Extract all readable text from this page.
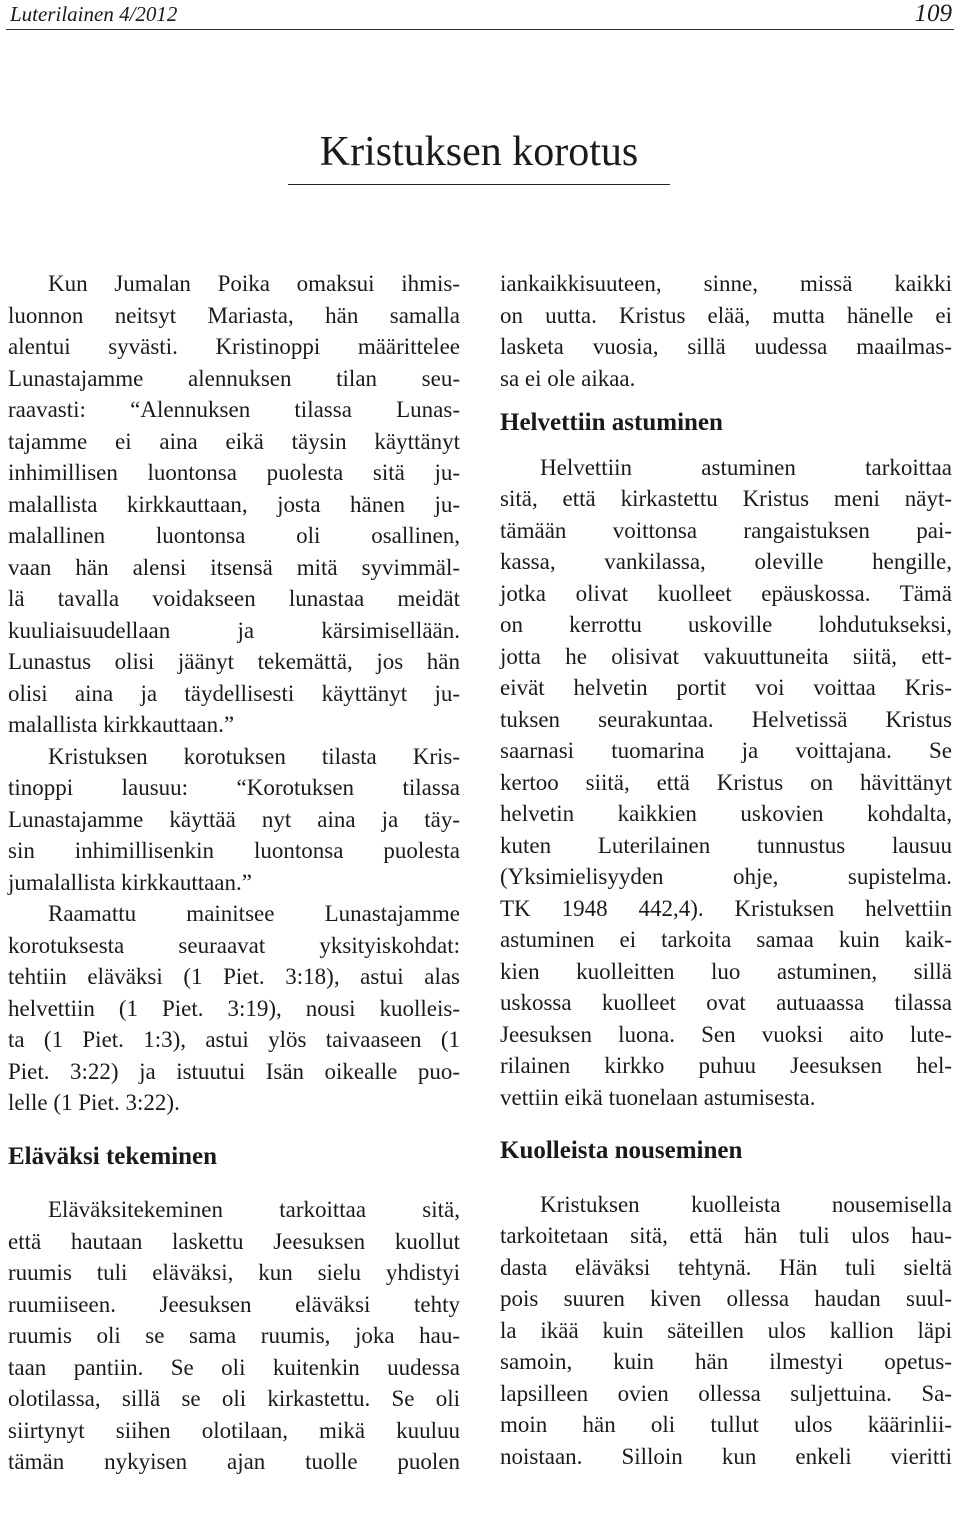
Luterilainen 4/2012	109
Kristuksen korotus
Kun Jumalan Poika omaksui ihmis-
luonnon neitsyt Mariasta, hän samalla
alentui syvästi. Kristinoppi määrittelee
Lunastajamme alennuksen tilan seu-
raavasti: “Alennuksen tilassa Lunas-
tajamme ei aina eikä täysin käyttänyt
inhimillisen luontonsa puolesta sitä ju-
malallista kirkkauttaan, josta hänen ju-
malallinen luontonsa oli osallinen,
vaan hän alensi itsensä mitä syvimmäl-
lä tavalla voidakseen lunastaa meidät
kuuliaisuudellaan ja kärsimisellään.
Lunastus olisi jäänyt tekemättä, jos hän
olisi aina ja täydellisesti käyttänyt ju-
malallista kirkkauttaan.”
Kristuksen korotuksen tilasta Kris-
tinoppi lausuu: “Korotuksen tilassa
Lunastajamme käyttää nyt aina ja täy-
sin inhimillisenkin luontonsa puolesta
jumalallista kirkkauttaan.”
Raamattu mainitsee Lunastajamme
korotuksesta seuraavat yksityiskohdat:
tehtiin eläväksi (1 Piet. 3:18), astui alas
helvettiin (1 Piet. 3:19), nousi kuolleis-
ta (1 Piet. 1:3), astui ylös taivaaseen (1
Piet. 3:22) ja istuutui Isän oikealle puo-
lelle (1 Piet. 3:22).
Eläväksi tekeminen
Eläväksitekeminen tarkoittaa sitä,
että hautaan laskettu Jeesuksen kuollut
ruumis tuli eläväksi, kun sielu yhdistyi
ruumiiseen. Jeesuksen eläväksi tehty
ruumis oli se sama ruumis, joka hau-
taan pantiin. Se oli kuitenkin uudessa
olotilassa, sillä se oli kirkastettu. Se oli
siirtynyt siihen olotilaan, mikä kuuluu
tämän nykyisen ajan tuolle puolen
iankaikkisuuteen, sinne, missä kaikki
on uutta. Kristus elää, mutta hänelle ei
lasketa vuosia, sillä uudessa maailmas-
sa ei ole aikaa.
Helvettiin astuminen
Helvettiin astuminen tarkoittaa
sitä, että kirkastettu Kristus meni näyt-
tämään voittonsa rangaistuksen pai-
kassa, vankilassa, oleville hengille,
jotka olivat kuolleet epäuskossa. Tämä
on kerrottu uskoville lohdutukseksi,
jotta he olisivat vakuuttuneita siitä, ett-
eivät helvetin portit voi voittaa Kris-
tuksen seurakuntaa. Helvetissä Kristus
saarnasi tuomarina ja voittajana. Se
kertoo siitä, että Kristus on hävittänyt
helvetin kaikkien uskovien kohdalta,
kuten Luterilainen tunnustus lausuu
(Yksimielisyyden ohje, supistelma.
TK 1948 442,4). Kristuksen helvettiin
astuminen ei tarkoita samaa kuin kaik-
kien kuolleitten luo astuminen, sillä
uskossa kuolleet ovat autuaassa tilassa
Jeesuksen luona. Sen vuoksi aito lute-
rilainen kirkko puhuu Jeesuksen hel-
vettiin eikä tuonelaan astumisesta.
Kuolleista nouseminen
Kristuksen kuolleista nousemisella
tarkoitetaan sitä, että hän tuli ulos hau-
dasta eläväksi tehtynä. Hän tuli sieltä
pois suuren kiven ollessa haudan suul-
la ikää kuin säteillen ulos kallion läpi
samoin, kuin hän ilmestyi opetus-
lapsilleen ovien ollessa suljettuina. Sa-
moin hän oli tullut ulos käärinlii-
noistaan. Silloin kun enkeli vieritti
